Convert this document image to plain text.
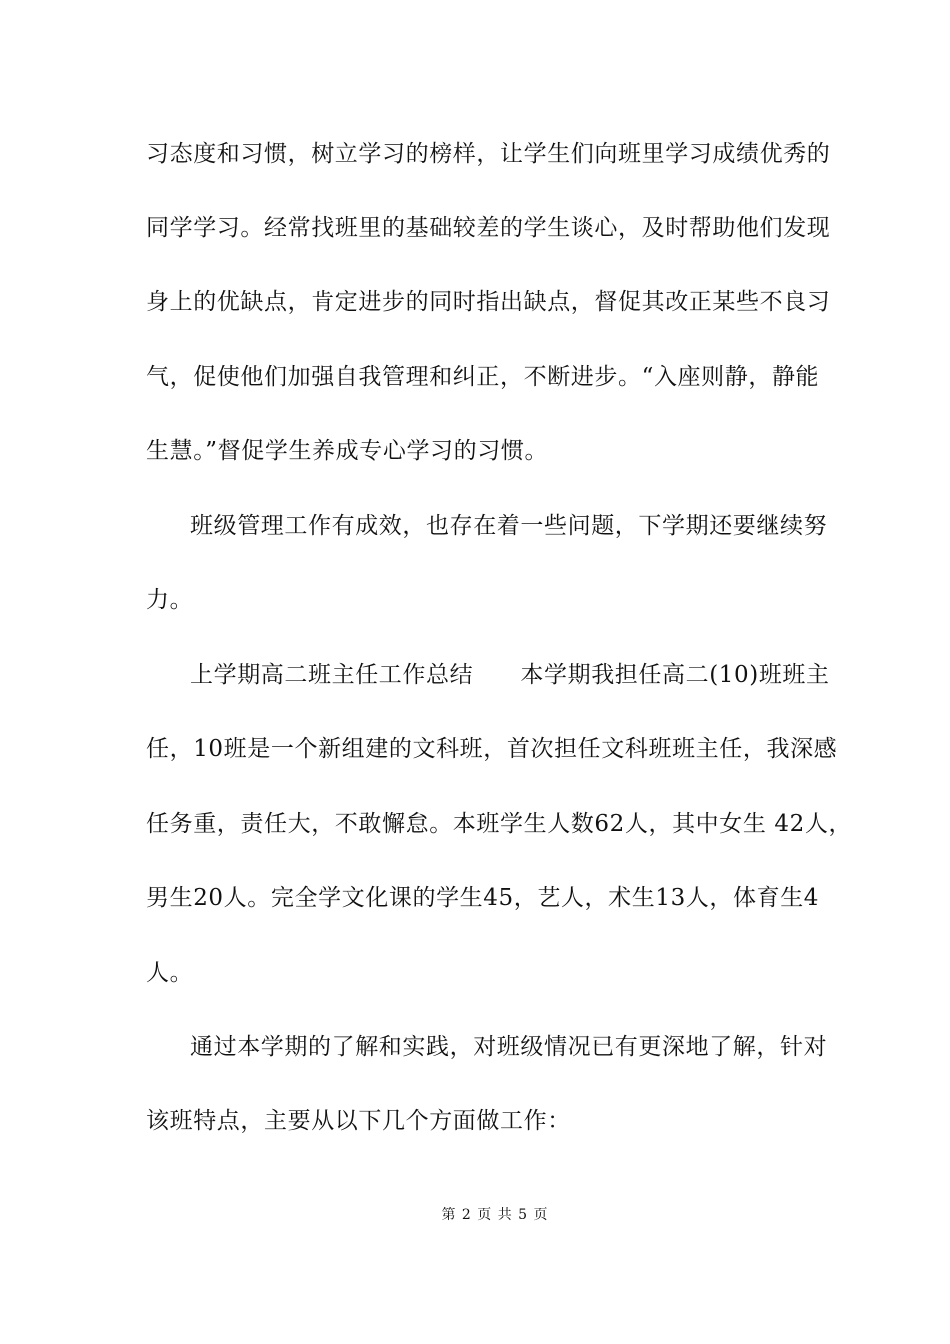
习态度和习惯，树立学习的榜样，让学生们向班里学习成绩优秀的
同学学习。经常找班里的基础较差的学生谈心，及时帮助他们发现
身上的优缺点，肯定进步的同时指出缺点，督促其改正某些不良习
气，促使他们加强自我管理和纠正，不断进步。“入座则静，静能
生慧。”督促学生养成专心学习的习惯。
班级管理工作有成效，也存在着一些问题，下学期还要继续努
力。
上学期高二班主任工作总结　　本学期我担任高二(10)班班主
任，10班是一个新组建的文科班，首次担任文科班班主任，我深感
任务重，责任大，不敢懈怠。本班学生人数62人，其中女生 42人，
男生20人。完全学文化课的学生45，艺人，术生13人，体育生4
人。
通过本学期的了解和实践，对班级情况已有更深地了解，针对
该班特点，主要从以下几个方面做工作：
第 2 页 共 5 页
